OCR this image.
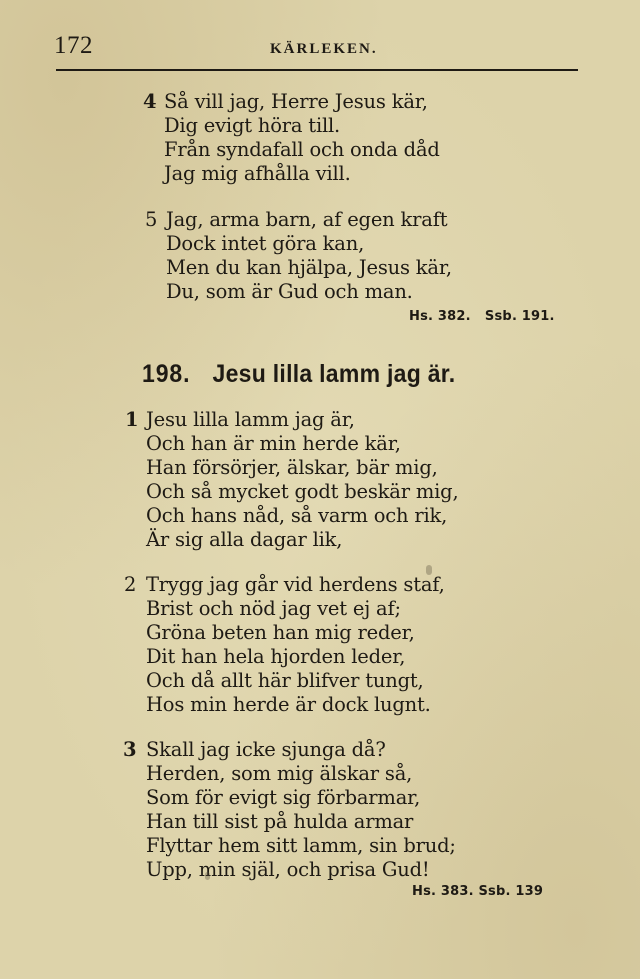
172	KÄRLEKEN.
4 Så vill jag, Herre Jesus kär,
Dig evigt höra till.
Från syndafall och onda dåd
Jag mig afhålla vill.
5 Jag, arma barn, af egen kraft
Dock intet göra kan,
Men du kan hjälpa, Jesus kär,
Du, som är Gud och man.
Hs. 382.   Ssb. 191.
198. Jesu lilla lamm jag är.
1 Jesu lilla lamm jag är,
Och han är min herde kär,
Han försörjer, älskar, bär mig,
Och så mycket godt beskär mig,
Och hans nåd, så varm och rik,
Är sig alla dagar lik,
2 Trygg jag går vid herdens staf,
Brist och nöd jag vet ej af;
Gröna beten han mig reder,
Dit han hela hjorden leder,
Och då allt här blifver tungt,
Hos min herde är dock lugnt.
3 Skall jag icke sjunga då?
Herden, som mig älskar så,
Som för evigt sig förbarmar,
Han till sist på hulda armar
Flyttar hem sitt lamm, sin brud;
Upp, min själ, och prisa Gud!
Hs. 383. Ssb. 139
